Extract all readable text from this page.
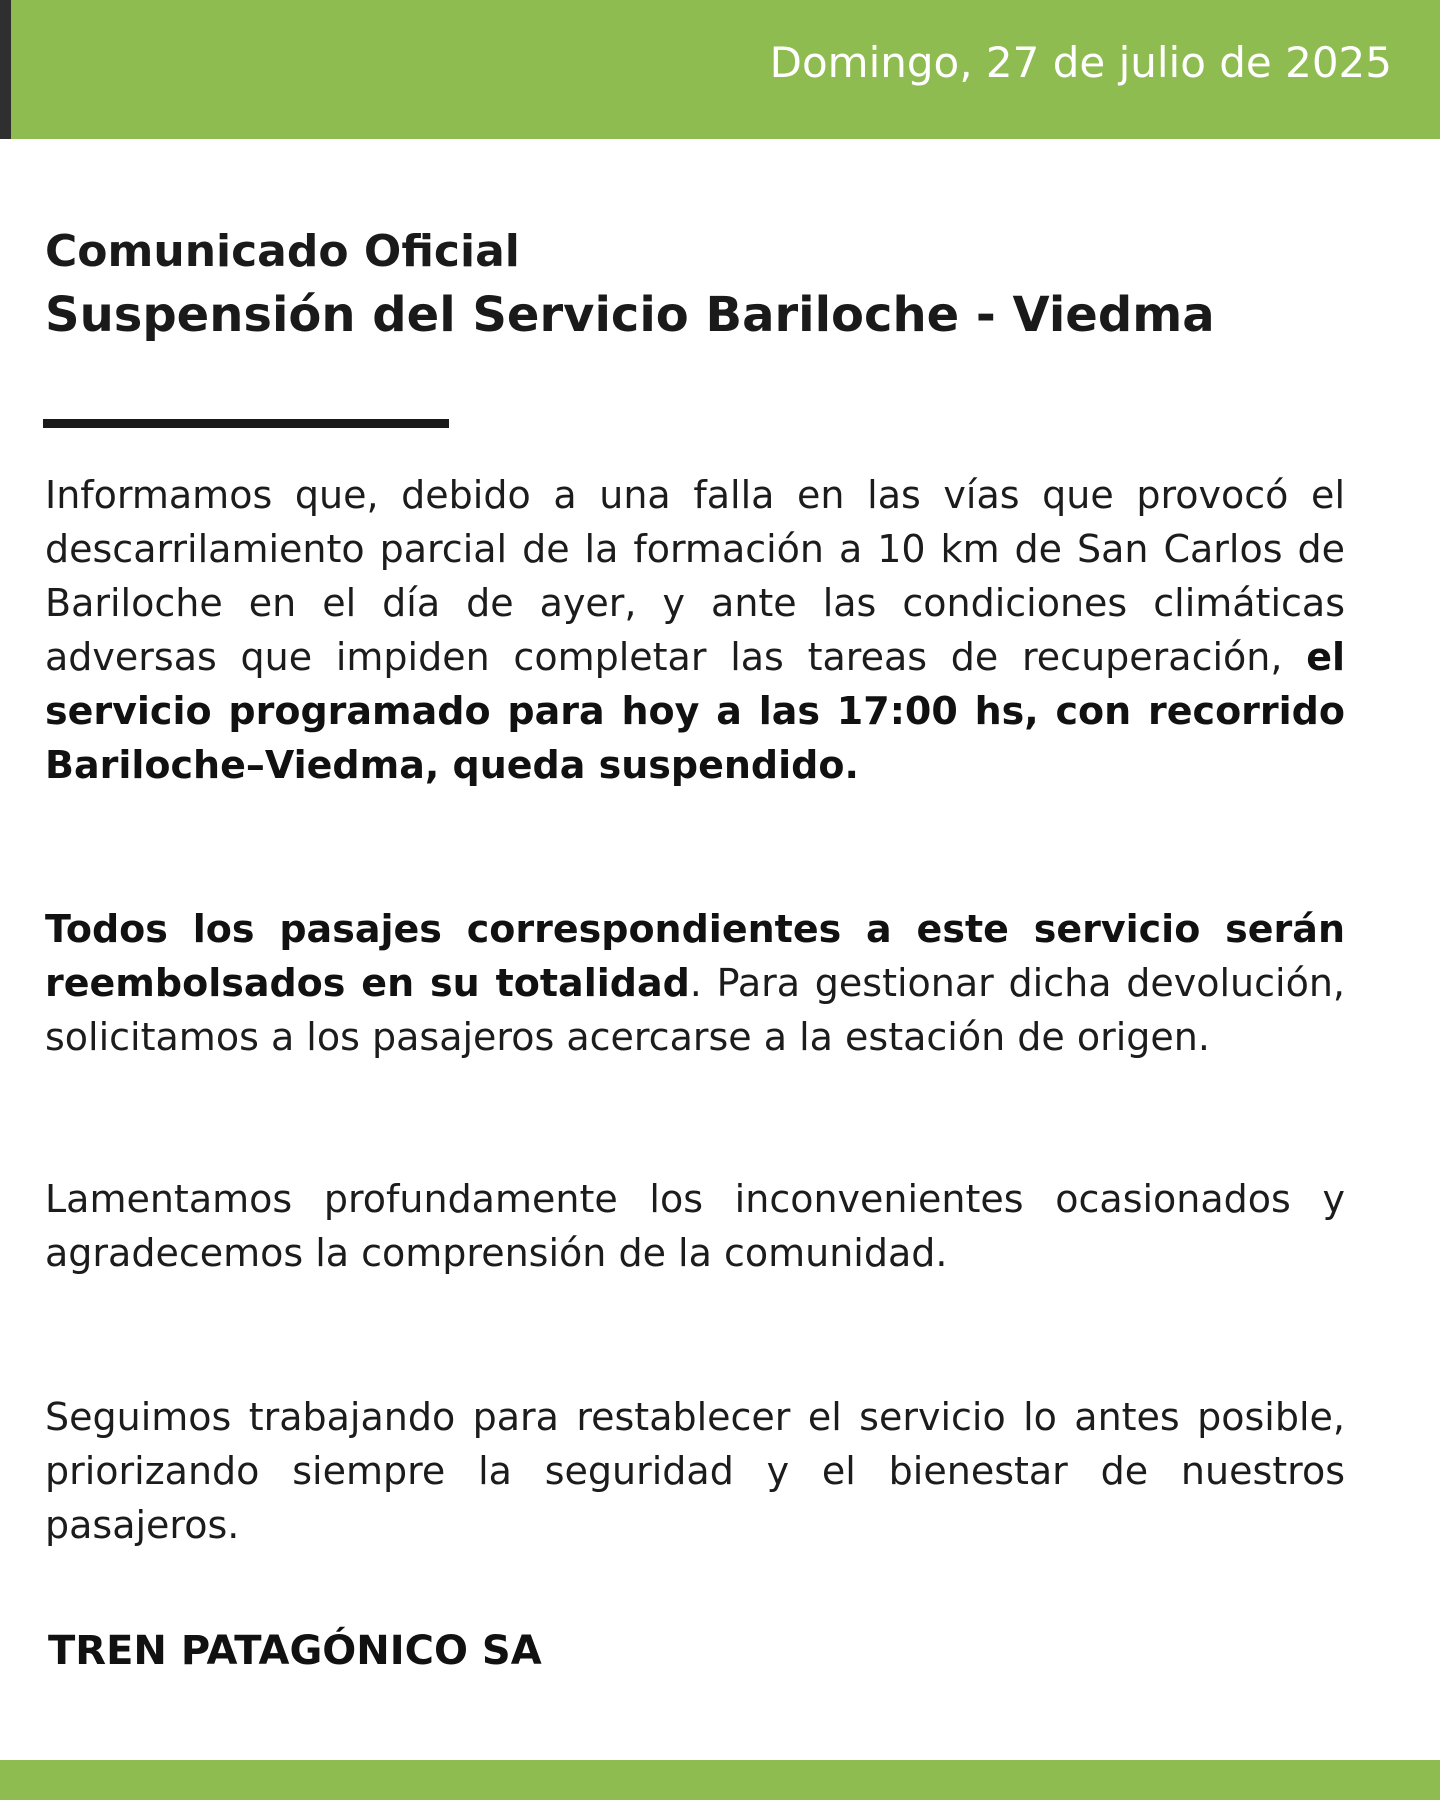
Domingo, 27 de julio de 2025
Comunicado Oficial
Suspensión del Servicio Bariloche - Viedma

Informamos que, debido a una falla en las vías que provocó el descarrilamiento parcial de la formación a 10 km de San Carlos de Bariloche en el día de ayer, y ante las condiciones climáticas adversas que impiden completar las tareas de recuperación, el servicio programado para hoy a las 17:00 hs, con recorrido Bariloche–Viedma, queda suspendido.

Todos los pasajes correspondientes a este servicio serán reembolsados en su totalidad. Para gestionar dicha devolución, solicitamos a los pasajeros acercarse a la estación de origen.

Lamentamos profundamente los inconvenientes ocasionados y agradecemos la comprensión de la comunidad.

Seguimos trabajando para restablecer el servicio lo antes posible, priorizando siempre la seguridad y el bienestar de nuestros pasajeros.

TREN PATAGÓNICO SA
